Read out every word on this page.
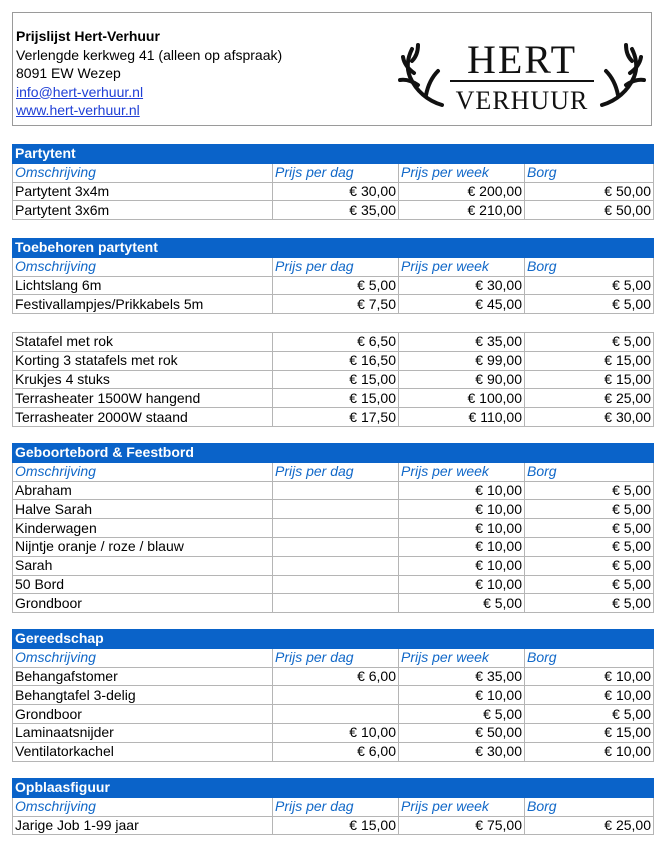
Prijslijst Hert-Verhuur
Verlengde kerkweg 41 (alleen op afspraak)
8091 EW Wezep
info@hert-verhuur.nl
www.hert-verhuur.nl
HERT
VERHUUR
Partytent			
Omschrijving	Prijs per dag	Prijs per week	Borg
Partytent 3x4m	€ 30,00	€ 200,00	€ 50,00
Partytent 3x6m	€ 35,00	€ 210,00	€ 50,00
Toebehoren partytent			
Omschrijving	Prijs per dag	Prijs per week	Borg
Lichtslang 6m	€ 5,00	€ 30,00	€ 5,00
Festivallampjes/Prikkabels 5m	€ 7,50	€ 45,00	€ 5,00

Statafel met rok	€ 6,50	€ 35,00	€ 5,00
Korting 3 statafels met rok	€ 16,50	€ 99,00	€ 15,00
Krukjes 4 stuks	€ 15,00	€ 90,00	€ 15,00
Terrasheater 1500W hangend	€ 15,00	€ 100,00	€ 25,00
Terrasheater 2000W staand	€ 17,50	€ 110,00	€ 30,00
Geboortebord & Feestbord			
Omschrijving	Prijs per dag	Prijs per week	Borg
Abraham		€ 10,00	€ 5,00
Halve Sarah		€ 10,00	€ 5,00
Kinderwagen		€ 10,00	€ 5,00
Nijntje oranje / roze / blauw		€ 10,00	€ 5,00
Sarah		€ 10,00	€ 5,00
50 Bord		€ 10,00	€ 5,00
Grondboor		€ 5,00	€ 5,00
Gereedschap			
Omschrijving	Prijs per dag	Prijs per week	Borg
Behangafstomer	€ 6,00	€ 35,00	€ 10,00
Behangtafel 3-delig		€ 10,00	€ 10,00
Grondboor		€ 5,00	€ 5,00
Laminaatsnijder	€ 10,00	€ 50,00	€ 15,00
Ventilatorkachel	€ 6,00	€ 30,00	€ 10,00
Opblaasfiguur			
Omschrijving	Prijs per dag	Prijs per week	Borg
Jarige Job 1-99 jaar	€ 15,00	€ 75,00	€ 25,00
